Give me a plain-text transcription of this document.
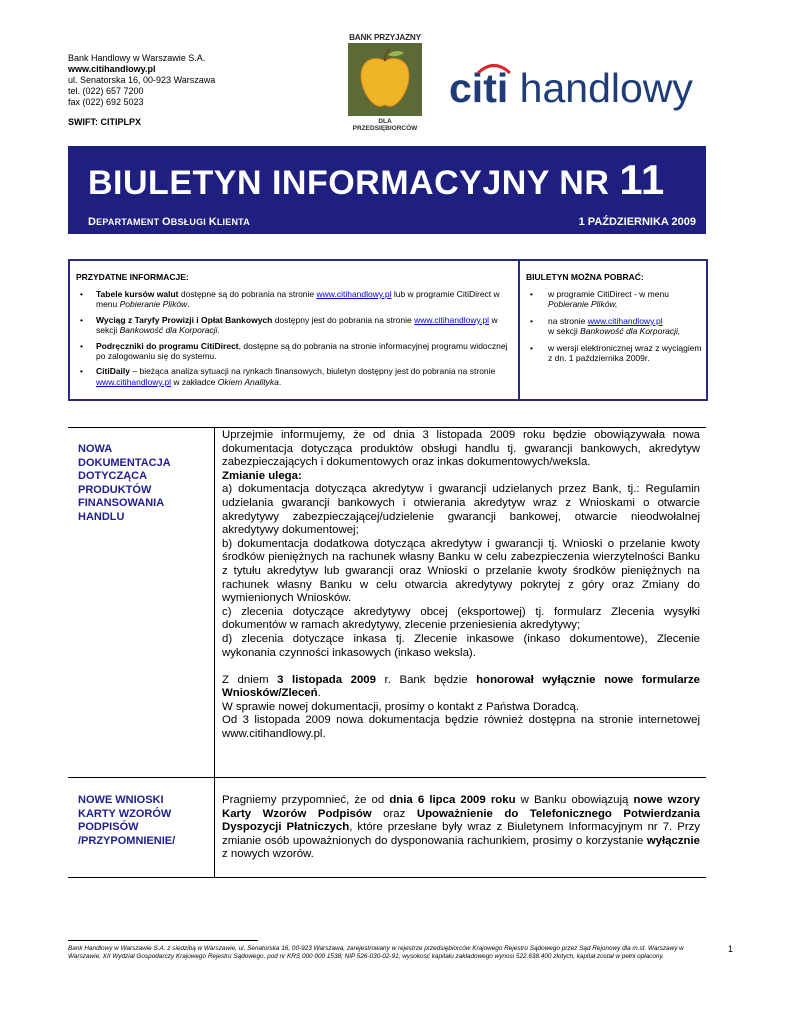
Bank Handlowy w Warszawie S.A.
www.citihandlowy.pl
ul. Senatorska 16, 00-923 Warszawa
tel. (022) 657 7200
fax (022) 692 5023
SWIFT: CITIPLPX
BANK PRZYJAZNY
DLA PRZEDSIĘBIORCÓW
citi handlowy
BIULETYN INFORMACYJNY NR 11
DEPARTAMENT OBSŁUGI KLIENTA	1 PAŹDZIERNIKA 2009
PRZYDATNE INFORMACJE:
• Tabele kursów walut dostępne są do pobrania na stronie www.citihandlowy.pl lub w programie CitiDirect w menu Pobieranie Plików.
• Wyciąg z Taryfy Prowizji i Opłat Bankowych dostępny jest do pobrania na stronie www.citihandlowy.pl w sekcji Bankowość dla Korporacji.
• Podręczniki do programu CitiDirect, dostępne są do pobrania na stronie informacyjnej programu widocznej po zalogowaniu się do systemu.
• CitiDaily – bieżąca analiza sytuacji na rynkach finansowych, biuletyn dostępny jest do pobrania na stronie www.citihandlowy.pl w zakładce Okiem Analityka.
BIULETYN MOŻNA POBRAĆ:
• w programie CitiDirect - w menu
Pobieranie Plików,
• na stronie www.citihandlowy.pl
w sekcji Bankowość dla Korporacji,
• w wersji elektronicznej wraz z wyciągiem z dn. 1 października 2009r.
NOWA
DOKUMENTACJA
DOTYCZĄCA
PRODUKTÓW
FINANSOWANIA
HANDLU

Uprzejmie informujemy, że od dnia 3 listopada 2009 roku będzie obowiązywała nowa dokumentacja dotycząca produktów obsługi handlu tj. gwarancji bankowych, akredytyw zabezpieczających i dokumentowych oraz inkas dokumentowych/weksla.

Zmianie ulega:

a) dokumentacja dotycząca akredytyw i gwarancji udzielanych przez Bank, tj.: Regulamin udzielania gwarancji bankowych i otwierania akredytyw wraz z Wnioskami o otwarcie akredytywy zabezpieczającej/udzielenie gwarancji bankowej, otwarcie nieodwołalnej akredytywy dokumentowej;

b) dokumentacja dodatkowa dotycząca akredytyw i gwarancji tj. Wnioski o przelanie kwoty środków pieniężnych na rachunek własny Banku w celu zabezpieczenia wierzytelności Banku z tytułu akredytyw lub gwarancji oraz Wnioski o przelanie kwoty środków pieniężnych na rachunek własny Banku w celu otwarcia akredytywy pokrytej z góry oraz Zmiany do wymienionych Wniosków.

c) zlecenia dotyczące akredytywy obcej (eksportowej) tj. formularz Zlecenia wysyłki dokumentów w ramach akredytywy, zlecenie przeniesienia akredytywy;

d) zlecenia dotyczące inkasa tj. Zlecenie inkasowe (inkaso dokumentowe), Zlecenie wykonania czynności inkasowych (inkaso weksla).

Z dniem 3 listopada 2009 r. Bank będzie honorował wyłącznie nowe formularze Wniosków/Zleceń.

W sprawie nowej dokumentacji, prosimy o kontakt z Państwa Doradcą.

Od 3 listopada 2009 nowa dokumentacja będzie również dostępna na stronie internetowej www.citihandlowy.pl.

NOWE WNIOSKI
KARTY WZORÓW
PODPISÓW
/PRZYPOMNIENIE/

Pragniemy przypomnieć, że od dnia 6 lipca 2009 roku w Banku obowiązują nowe wzory Karty Wzorów Podpisów oraz Upoważnienie do Telefonicznego Potwierdzania Dyspozycji Płatniczych, które przesłane były wraz z Biuletynem Informacyjnym nr 7. Przy zmianie osób upoważnionych do dysponowania rachunkiem, prosimy o korzystanie wyłącznie z nowych wzorów.

Bank Handlowy w Warszawie S.A. z siedzibą w Warszawie, ul. Senatorska 16, 00-923 Warszawa, zarejestrowany w rejestrze przedsiębiorców Krajowego Rejestru Sądowego przez Sąd Rejonowy dla m.st. Warszawy w Warszawie, XII Wydział Gospodarczy Krajowego Rejestru Sądowego, pod nr KRS 000 000 1538; NIP 526-030-02-91; wysokość kapitału zakładowego wynosi 522.638.400 złotych, kapitał został w pełni opłacony.
1
